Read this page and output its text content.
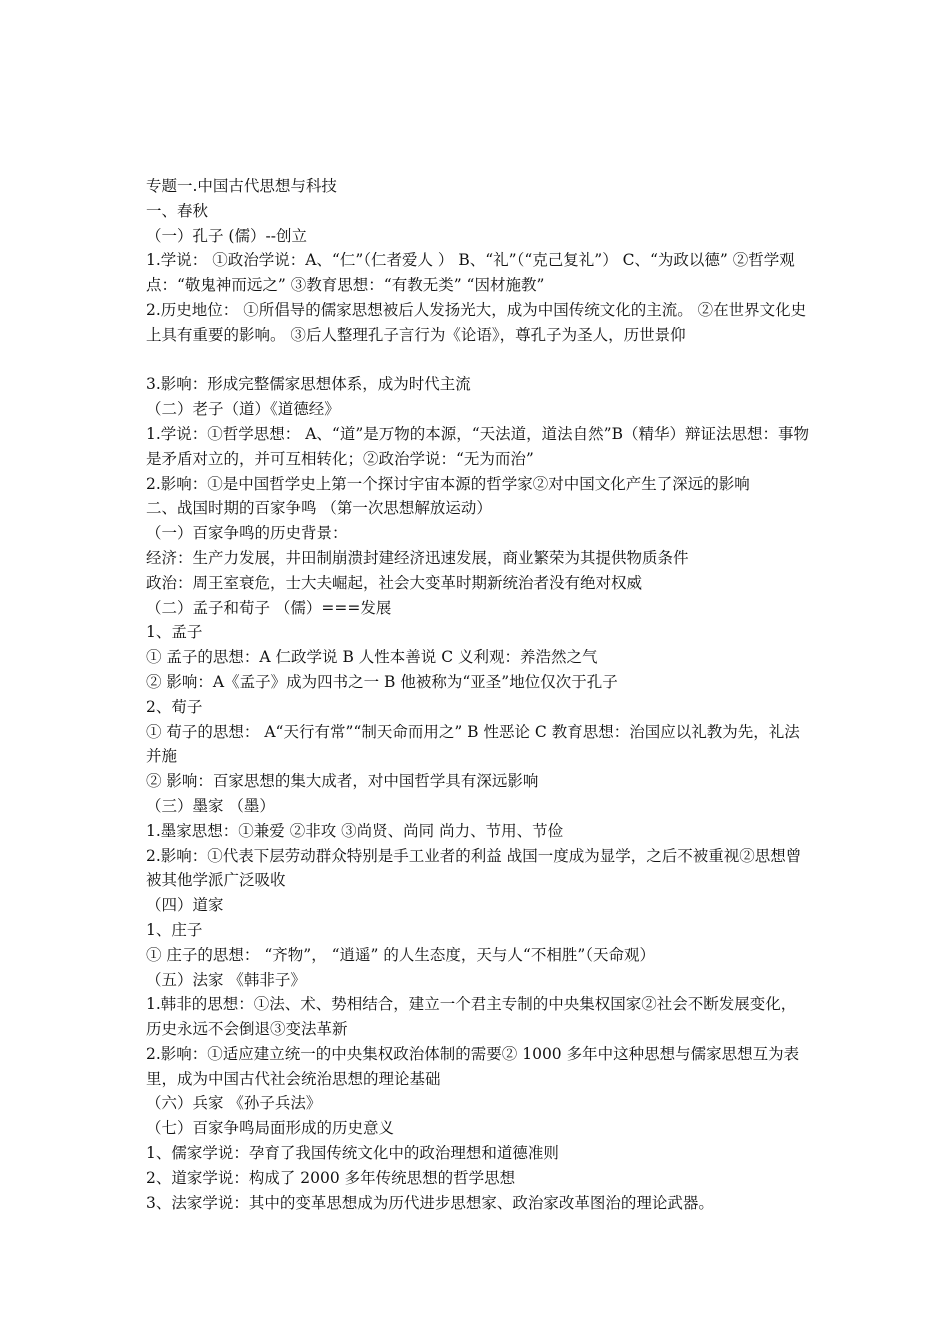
专题一.中国古代思想与科技

一、春秋

（一）孔子 (儒）--创立

1.学说： ①政治学说：A、“仁”（仁者爱人 ） B、“礼”（“克己复礼”） C、“为政以德” ②哲学观点：“敬鬼神而远之” ③教育思想：“有教无类” “因材施教”

2.历史地位： ①所倡导的儒家思想被后人发扬光大，成为中国传统文化的主流。 ②在世界文化史上具有重要的影响。 ③后人整理孔子言行为《论语》，尊孔子为圣人，历世景仰

3.影响：形成完整儒家思想体系，成为时代主流

（二）老子（道）《道德经》

1.学说：①哲学思想： A、“道”是万物的本源，“天法道，道法自然”B（精华）辩证法思想：事物是矛盾对立的，并可互相转化；②政治学说：“无为而治”

2.影响：①是中国哲学史上第一个探讨宇宙本源的哲学家②对中国文化产生了深远的影响

二、战国时期的百家争鸣 （第一次思想解放运动）

（一）百家争鸣的历史背景：

经济：生产力发展，井田制崩溃封建经济迅速发展，商业繁荣为其提供物质条件

政治：周王室衰危，士大夫崛起，社会大变革时期新统治者没有绝对权威

（二）孟子和荀子 （儒）===发展

1、孟子

① 孟子的思想：A 仁政学说 B 人性本善说 C 义利观：养浩然之气

② 影响：A《孟子》成为四书之一 B 他被称为“亚圣”地位仅次于孔子

2、荀子

① 荀子的思想： A“天行有常”“制天命而用之” B 性恶论 C 教育思想：治国应以礼教为先，礼法并施

② 影响：百家思想的集大成者，对中国哲学具有深远影响

（三）墨家 （墨）

1.墨家思想：①兼爱 ②非攻 ③尚贤、尚同 尚力、节用、节俭

2.影响：①代表下层劳动群众特别是手工业者的利益 战国一度成为显学，之后不被重视②思想曾被其他学派广泛吸收

（四）道家

1、庄子

① 庄子的思想： “齐物”， “逍遥” 的人生态度，天与人“不相胜”（天命观）

（五）法家 《韩非子》

1.韩非的思想：①法、术、势相结合，建立一个君主专制的中央集权国家②社会不断发展变化，历史永远不会倒退③变法革新

2.影响：①适应建立统一的中央集权政治体制的需要② 1000 多年中这种思想与儒家思想互为表里，成为中国古代社会统治思想的理论基础

（六）兵家 《孙子兵法》

（七）百家争鸣局面形成的历史意义

1、儒家学说：孕育了我国传统文化中的政治理想和道德准则

2、道家学说：构成了 2000 多年传统思想的哲学思想

3、法家学说：其中的变革思想成为历代进步思想家、政治家改革图治的理论武器。
